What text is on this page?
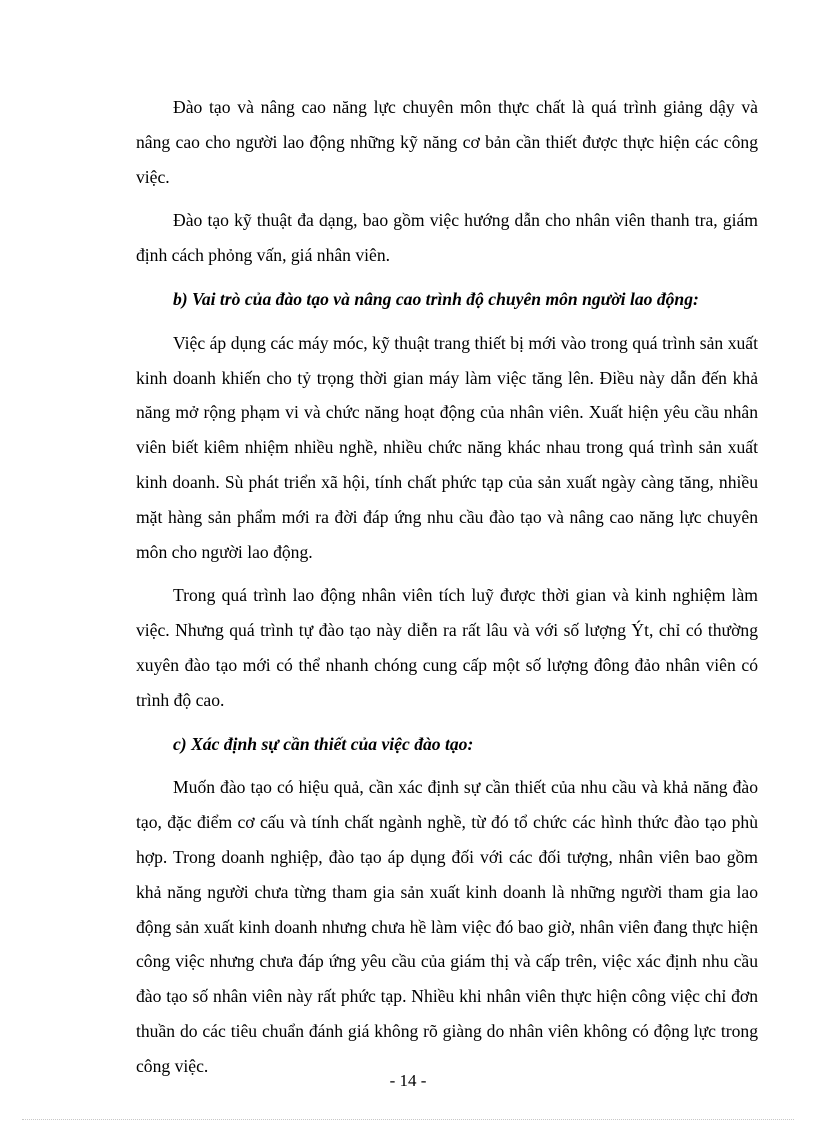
Đào tạo và nâng cao năng lực chuyên môn thực chất là quá trình giảng dậy và nâng cao cho người lao động những kỹ năng cơ bản cần thiết được thực hiện các công việc.

Đào tạo kỹ thuật đa dạng, bao gồm việc hướng dẫn cho nhân viên thanh tra, giám định cách phỏng vấn, giá nhân viên.

b) Vai trò của đào tạo và nâng cao trình độ chuyên môn người lao động:

Việc áp dụng các máy móc, kỹ thuật trang thiết bị mới vào trong quá trình sản xuất kinh doanh khiến cho tỷ trọng thời gian máy làm việc tăng lên. Điều này dẫn đến khả năng mở rộng phạm vi và chức năng hoạt động của nhân viên. Xuất hiện yêu cầu nhân viên biết kiêm nhiệm nhiều nghề, nhiều chức năng khác nhau trong quá trình sản xuất kinh doanh. Sù phát triển xã hội, tính chất phức tạp của sản xuất ngày càng tăng, nhiều mặt hàng sản phẩm mới ra đời đáp ứng nhu cầu đào tạo và nâng cao năng lực chuyên môn cho người lao động.

Trong quá trình lao động nhân viên tích luỹ được thời gian và kinh nghiệm làm việc. Nhưng quá trình tự đào tạo này diễn ra rất lâu và với số lượng Ýt, chỉ có thường xuyên đào tạo mới có thể nhanh chóng cung cấp một số lượng đông đảo nhân viên có trình độ cao.

c) Xác định sự cần thiết của việc đào tạo:

Muốn đào tạo có hiệu quả, cần xác định sự cần thiết của nhu cầu và khả năng đào tạo, đặc điểm cơ cấu và tính chất ngành nghề, từ đó tổ chức các hình thức đào tạo phù hợp. Trong doanh nghiệp, đào tạo áp dụng đối với các đối tượng, nhân viên bao gồm khả năng người chưa từng tham gia sản xuất kinh doanh là những người tham gia lao động sản xuất kinh doanh nhưng chưa hề làm việc đó bao giờ, nhân viên đang thực hiện công việc nhưng chưa đáp ứng yêu cầu của giám thị và cấp trên, việc xác định nhu cầu đào tạo số nhân viên này rất phức tạp. Nhiều khi nhân viên thực hiện công việc chỉ đơn thuần do các tiêu chuẩn đánh giá không rõ giàng do nhân viên không có động lực trong công việc.

- 14 -
